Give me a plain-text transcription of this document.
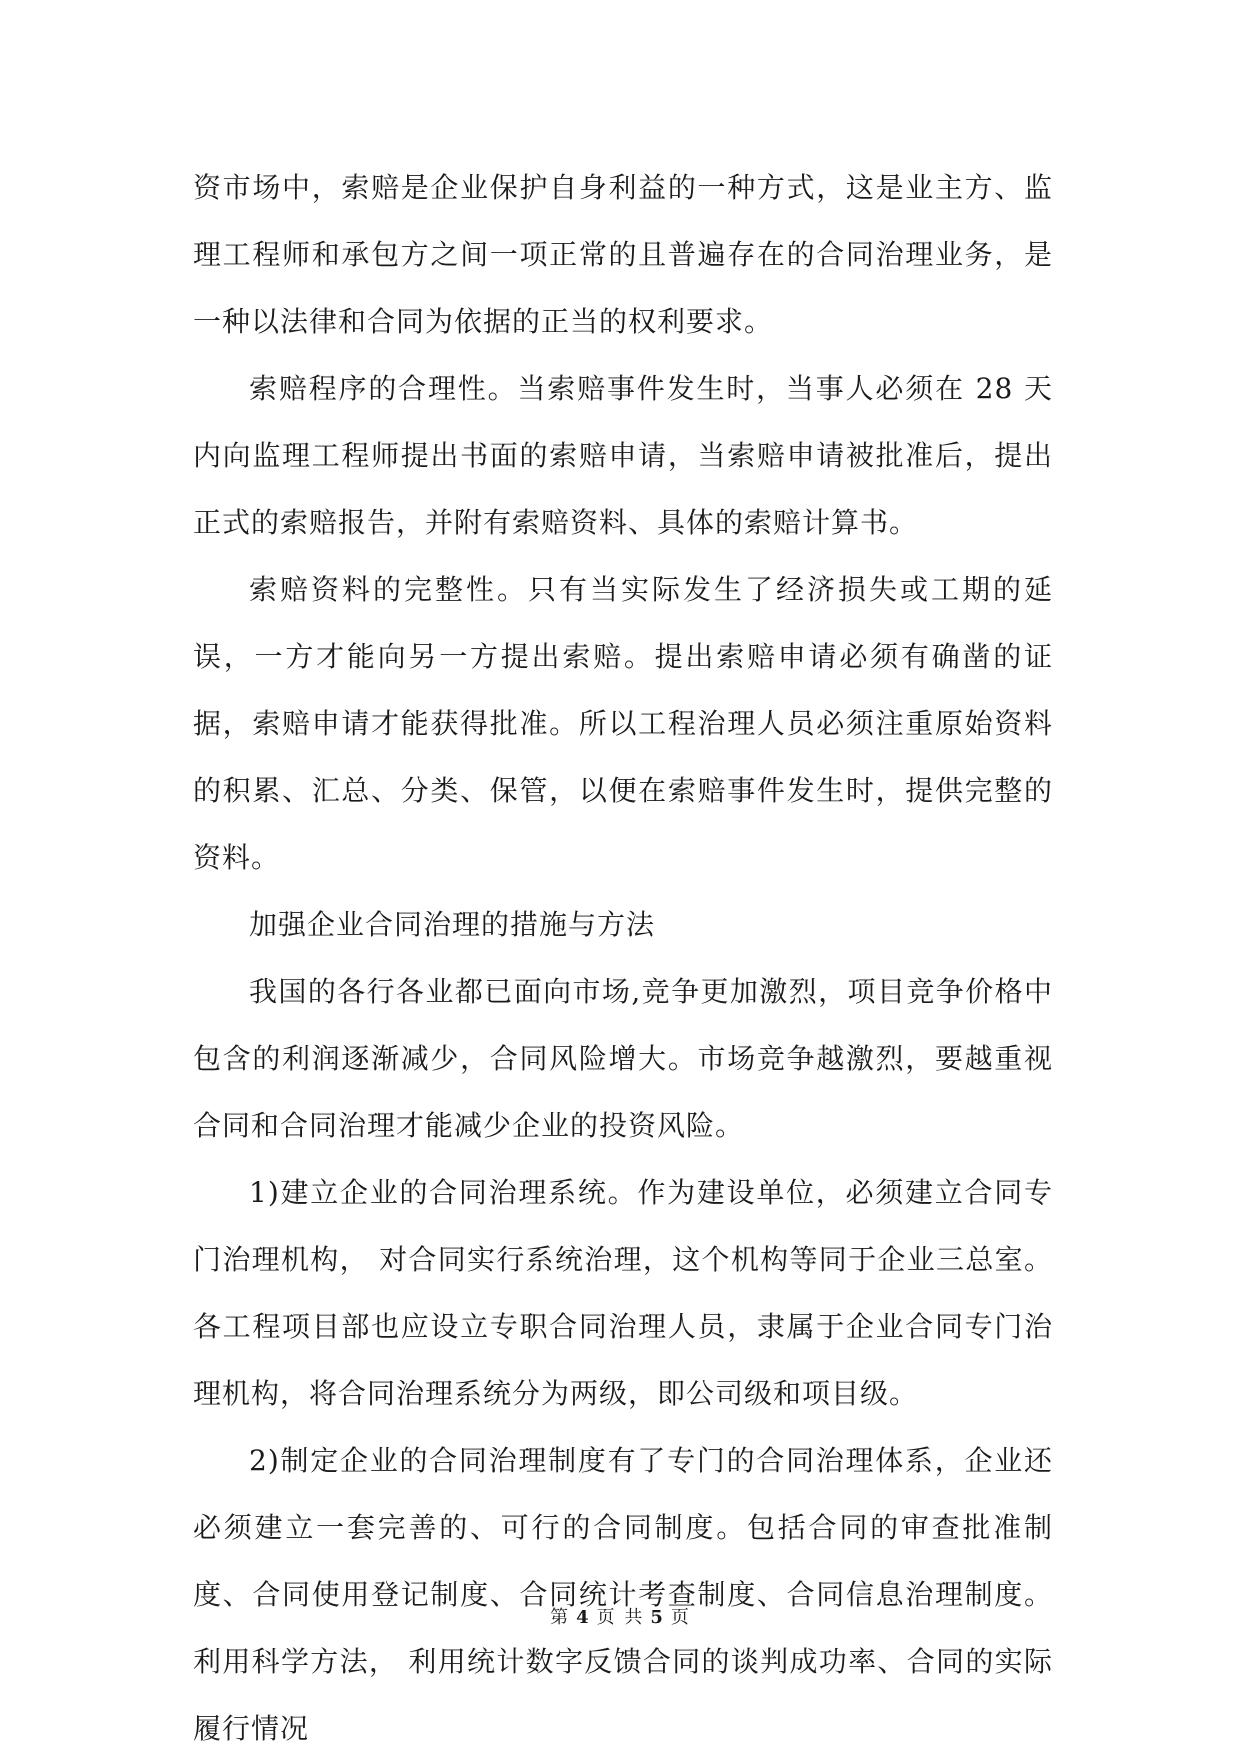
资市场中，索赔是企业保护自身利益的一种方式，这是业主方、监理工程师和承包方之间一项正常的且普遍存在的合同治理业务，是一种以法律和合同为依据的正当的权利要求。

索赔程序的合理性。当索赔事件发生时，当事人必须在 28 天内向监理工程师提出书面的索赔申请，当索赔申请被批准后，提出正式的索赔报告，并附有索赔资料、具体的索赔计算书。

索赔资料的完整性。只有当实际发生了经济损失或工期的延误，一方才能向另一方提出索赔。提出索赔申请必须有确凿的证据，索赔申请才能获得批准。所以工程治理人员必须注重原始资料的积累、汇总、分类、保管，以便在索赔事件发生时，提供完整的资料。

加强企业合同治理的措施与方法

我国的各行各业都已面向市场,竞争更加激烈，项目竞争价格中包含的利润逐渐减少，合同风险增大。市场竞争越激烈，要越重视合同和合同治理才能减少企业的投资风险。

1)建立企业的合同治理系统。作为建设单位，必须建立合同专门治理机构， 对合同实行系统治理，这个机构等同于企业三总室。各工程项目部也应设立专职合同治理人员，隶属于企业合同专门治理机构，将合同治理系统分为两级，即公司级和项目级。

2)制定企业的合同治理制度有了专门的合同治理体系，企业还必须建立一套完善的、可行的合同制度。包括合同的审查批准制度、合同使用登记制度、合同统计考查制度、合同信息治理制度。利用科学方法， 利用统计数字反馈合同的谈判成功率、合同的实际履行情况

第 4 页 共 5 页
